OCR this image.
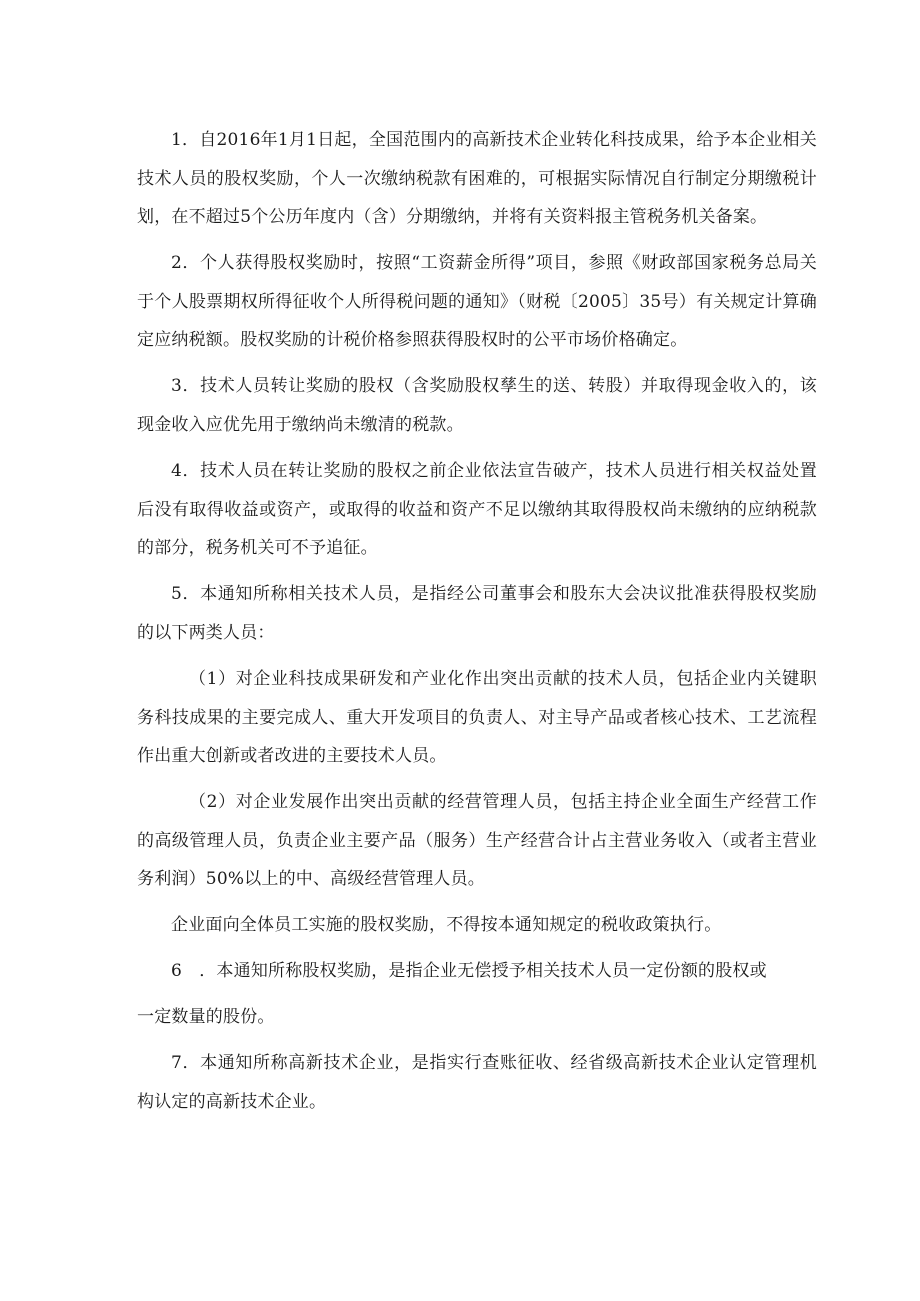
1．自2016年1月1日起，全国范围内的高新技术企业转化科技成果，给予本企业相关技术人员的股权奖励，个人一次缴纳税款有困难的，可根据实际情况自行制定分期缴税计划，在不超过5个公历年度内（含）分期缴纳，并将有关资料报主管税务机关备案。

2．个人获得股权奖励时，按照“工资薪金所得”项目，参照《财政部国家税务总局关于个人股票期权所得征收个人所得税问题的通知》（财税〔2005〕35号）有关规定计算确定应纳税额。股权奖励的计税价格参照获得股权时的公平市场价格确定。

3．技术人员转让奖励的股权（含奖励股权孳生的送、转股）并取得现金收入的，该现金收入应优先用于缴纳尚未缴清的税款。

4．技术人员在转让奖励的股权之前企业依法宣告破产，技术人员进行相关权益处置后没有取得收益或资产，或取得的收益和资产不足以缴纳其取得股权尚未缴纳的应纳税款的部分，税务机关可不予追征。

5．本通知所称相关技术人员，是指经公司董事会和股东大会决议批准获得股权奖励的以下两类人员：

（1）对企业科技成果研发和产业化作出突出贡献的技术人员，包括企业内关键职务科技成果的主要完成人、重大开发项目的负责人、对主导产品或者核心技术、工艺流程作出重大创新或者改进的主要技术人员。

（2）对企业发展作出突出贡献的经营管理人员，包括主持企业全面生产经营工作的高级管理人员，负责企业主要产品（服务）生产经营合计占主营业务收入（或者主营业务利润）50%以上的中、高级经营管理人员。

企业面向全体员工实施的股权奖励，不得按本通知规定的税收政策执行。

6　．本通知所称股权奖励，是指企业无偿授予相关技术人员一定份额的股权或

一定数量的股份。

7．本通知所称高新技术企业，是指实行查账征收、经省级高新技术企业认定管理机构认定的高新技术企业。
